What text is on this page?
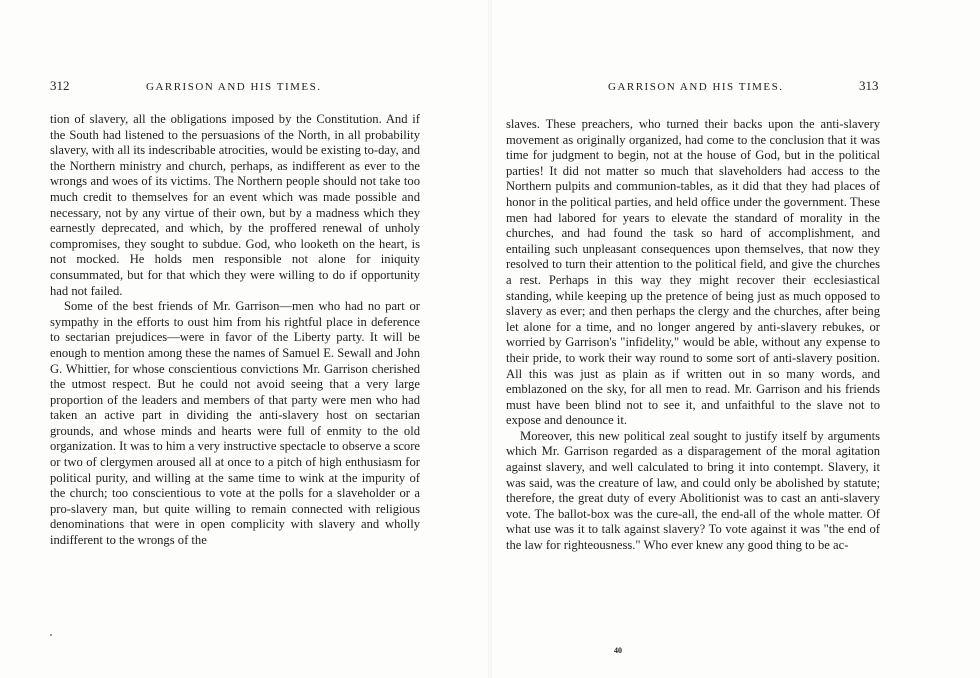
312	GARRISON AND HIS TIMES.

tion of slavery, all the obligations imposed by the Constitution. And if the South had listened to the persuasions of the North, in all probability slavery, with all its indescribable atrocities, would be existing to-day, and the Northern ministry and church, perhaps, as indifferent as ever to the wrongs and woes of its victims. The Northern people should not take too much credit to themselves for an event which was made possible and necessary, not by any virtue of their own, but by a madness which they earnestly deprecated, and which, by the proffered renewal of unholy compromises, they sought to subdue. God, who looketh on the heart, is not mocked. He holds men responsible not alone for iniquity consummated, but for that which they were willing to do if opportunity had not failed.

Some of the best friends of Mr. Garrison—men who had no part or sympathy in the efforts to oust him from his rightful place in deference to sectarian prejudices—were in favor of the Liberty party. It will be enough to mention among these the names of Samuel E. Sewall and John G. Whittier, for whose conscientious convictions Mr. Garrison cherished the utmost respect. But he could not avoid seeing that a very large proportion of the leaders and members of that party were men who had taken an active part in dividing the anti-slavery host on sectarian grounds, and whose minds and hearts were full of enmity to the old organization. It was to him a very instructive spectacle to observe a score or two of clergymen aroused all at once to a pitch of high enthusiasm for political purity, and willing at the same time to wink at the impurity of the church; too conscientious to vote at the polls for a slaveholder or a pro-slavery man, but quite willing to remain connected with religious denominations that were in open complicity with slavery and wholly indifferent to the wrongs of the

GARRISON AND HIS TIMES.	313

slaves. These preachers, who turned their backs upon the anti-slavery movement as originally organized, had come to the conclusion that it was time for judgment to begin, not at the house of God, but in the political parties! It did not matter so much that slaveholders had access to the Northern pulpits and communion-tables, as it did that they had places of honor in the political parties, and held office under the government. These men had labored for years to elevate the standard of morality in the churches, and had found the task so hard of accomplishment, and entailing such unpleasant consequences upon themselves, that now they resolved to turn their attention to the political field, and give the churches a rest. Perhaps in this way they might recover their ecclesiastical standing, while keeping up the pretence of being just as much opposed to slavery as ever; and then perhaps the clergy and the churches, after being let alone for a time, and no longer angered by anti-slavery rebukes, or worried by Garrison's "infidelity," would be able, without any expense to their pride, to work their way round to some sort of anti-slavery position. All this was just as plain as if written out in so many words, and emblazoned on the sky, for all men to read. Mr. Garrison and his friends must have been blind not to see it, and unfaithful to the slave not to expose and denounce it.

Moreover, this new political zeal sought to justify itself by arguments which Mr. Garrison regarded as a disparagement of the moral agitation against slavery, and well calculated to bring it into contempt. Slavery, it was said, was the creature of law, and could only be abolished by statute; therefore, the great duty of every Abolitionist was to cast an anti-slavery vote. The ballot-box was the cure-all, the end-all of the whole matter. Of what use was it to talk against slavery? To vote against it was "the end of the law for righteousness." Who ever knew any good thing to be ac-

40
